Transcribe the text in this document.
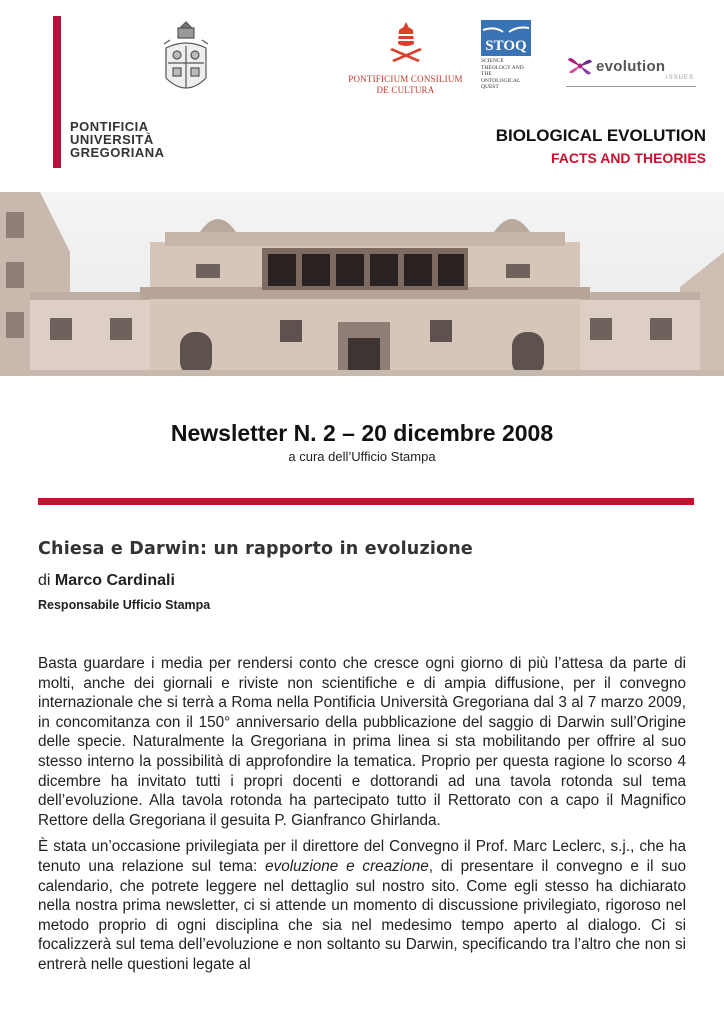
PONTIFICIA
UNIVERSITÀ
GREGORIANA
PONTIFICIUM CONSILIUM
DE CULTURA
STOQ
SCIENCE
THEOLOGY AND
THE ONTOLOGICAL
QUEST
evolution
ISSUES
BIOLOGICAL EVOLUTION
FACTS AND THEORIES
Newsletter N. 2 – 20 dicembre 2008
a cura dell’Ufficio Stampa
Chiesa e Darwin: un rapporto in evoluzione
di Marco Cardinali
Responsabile Ufficio Stampa

Basta guardare i media per rendersi conto che cresce ogni giorno di più l’attesa da parte di molti, anche dei giornali e riviste non scientifiche e di ampia diffusione, per il convegno internazionale che si terrà a Roma nella Pontificia Università Gregoriana dal 3 al 7 marzo 2009, in concomitanza con il 150° anniversario della pubblicazione del saggio di Darwin sull’Origine delle specie. Naturalmente la Gregoriana in prima linea si sta mobilitando per offrire al suo stesso interno la possibilità di approfondire la tematica. Proprio per questa ragione lo scorso 4 dicembre ha invitato tutti i propri docenti e dottorandi ad una tavola rotonda sul tema dell’evoluzione. Alla tavola rotonda ha partecipato tutto il Rettorato con a capo il Magnifico Rettore della Gregoriana il gesuita P. Gianfranco Ghirlanda.

È stata un’occasione privilegiata per il direttore del Convegno il Prof. Marc Leclerc, s.j., che ha tenuto una relazione sul tema: evoluzione e creazione, di presentare il convegno e il suo calendario, che potrete leggere nel dettaglio sul nostro sito. Come egli stesso ha dichiarato nella nostra prima newsletter, ci si attende un momento di discussione privilegiato, rigoroso nel metodo proprio di ogni disciplina che sia nel medesimo tempo aperto al dialogo. Ci si focalizzerà sul tema dell’evoluzione e non soltanto su Darwin, specificando tra l’altro che non si entrerà nelle questioni legate al
